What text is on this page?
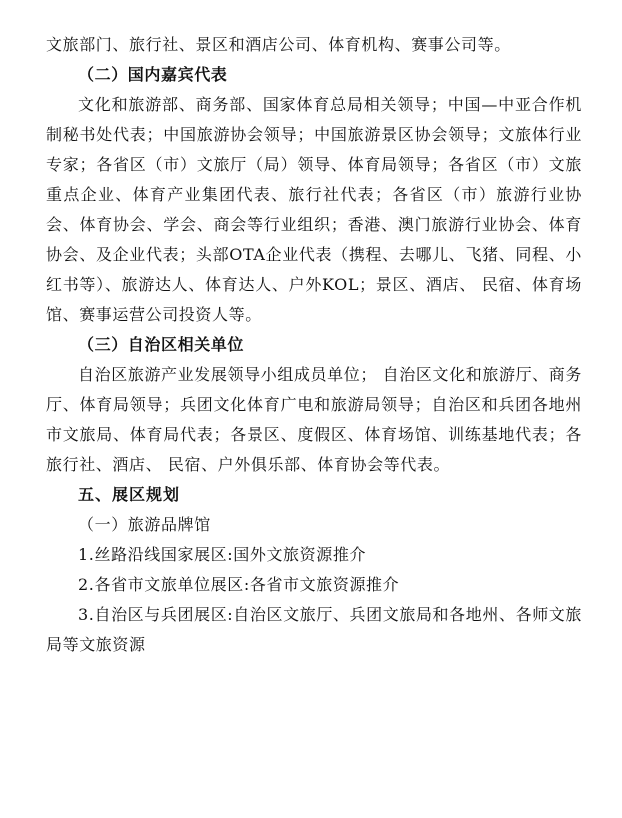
文旅部门、旅行社、景区和酒店公司、体育机构、赛事公司等。

（二）国内嘉宾代表

文化和旅游部、商务部、国家体育总局相关领导；中国—中亚合作机制秘书处代表；中国旅游协会领导；中国旅游景区协会领导；文旅体行业专家；各省区（市）文旅厅（局）领导、体育局领导；各省区（市）文旅重点企业、体育产业集团代表、旅行社代表；各省区（市）旅游行业协会、体育协会、学会、商会等行业组织；香港、澳门旅游行业协会、体育协会、及企业代表；头部OTA企业代表（携程、去哪儿、飞猪、同程、小红书等）、旅游达人、体育达人、户外KOL；景区、酒店、 民宿、体育场馆、赛事运营公司投资人等。

（三）自治区相关单位

自治区旅游产业发展领导小组成员单位； 自治区文化和旅游厅、商务厅、体育局领导；兵团文化体育广电和旅游局领导；自治区和兵团各地州市文旅局、体育局代表；各景区、度假区、体育场馆、训练基地代表；各旅行社、酒店、 民宿、户外俱乐部、体育协会等代表。

五、展区规划

（一）旅游品牌馆

1.丝路沿线国家展区:国外文旅资源推介

2.各省市文旅单位展区:各省市文旅资源推介

3.自治区与兵团展区:自治区文旅厅、兵团文旅局和各地州、各师文旅局等文旅资源
